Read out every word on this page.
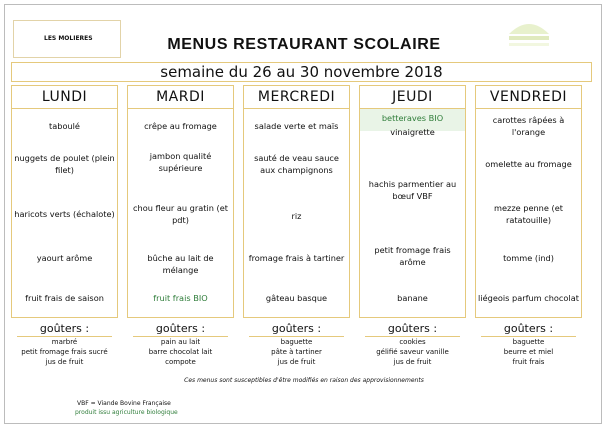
LES MOLIERES	MENUS RESTAURANT SCOLAIRE
semaine du 26 au 30 novembre 2018
LUNDI
taboulé
nuggets de poulet (plein filet)
haricots verts (échalote)
yaourt arôme
fruit frais de saison
MARDI
crêpe au fromage
jambon qualité supérieure
chou fleur au gratin (et pdt)
bûche au lait de mélange
fruit frais BIO
MERCREDI
salade verte et maïs
sauté de veau sauce aux champignons
riz
fromage frais à tartiner
gâteau basque
JEUDI
betteraves BIO
vinaigrette
hachis parmentier au bœuf VBF
petit fromage frais arôme
banane
VENDREDI
carottes râpées à l'orange
omelette au fromage
mezze penne (et ratatouille)
tomme (ind)
liégeois parfum chocolat
goûters :
marbré
petit fromage frais sucré
jus de fruit
goûters :
pain au lait
barre chocolat lait
compote
goûters :
baguette
pâte à tartiner
jus de fruit
goûters :
cookies
gélifié saveur vanille
jus de fruit
goûters :
baguette
beurre et miel
fruit frais
Ces menus sont susceptibles d'être modifiés en raison des approvisionnements
VBF = Viande Bovine Française
produit issu agriculture biologique
